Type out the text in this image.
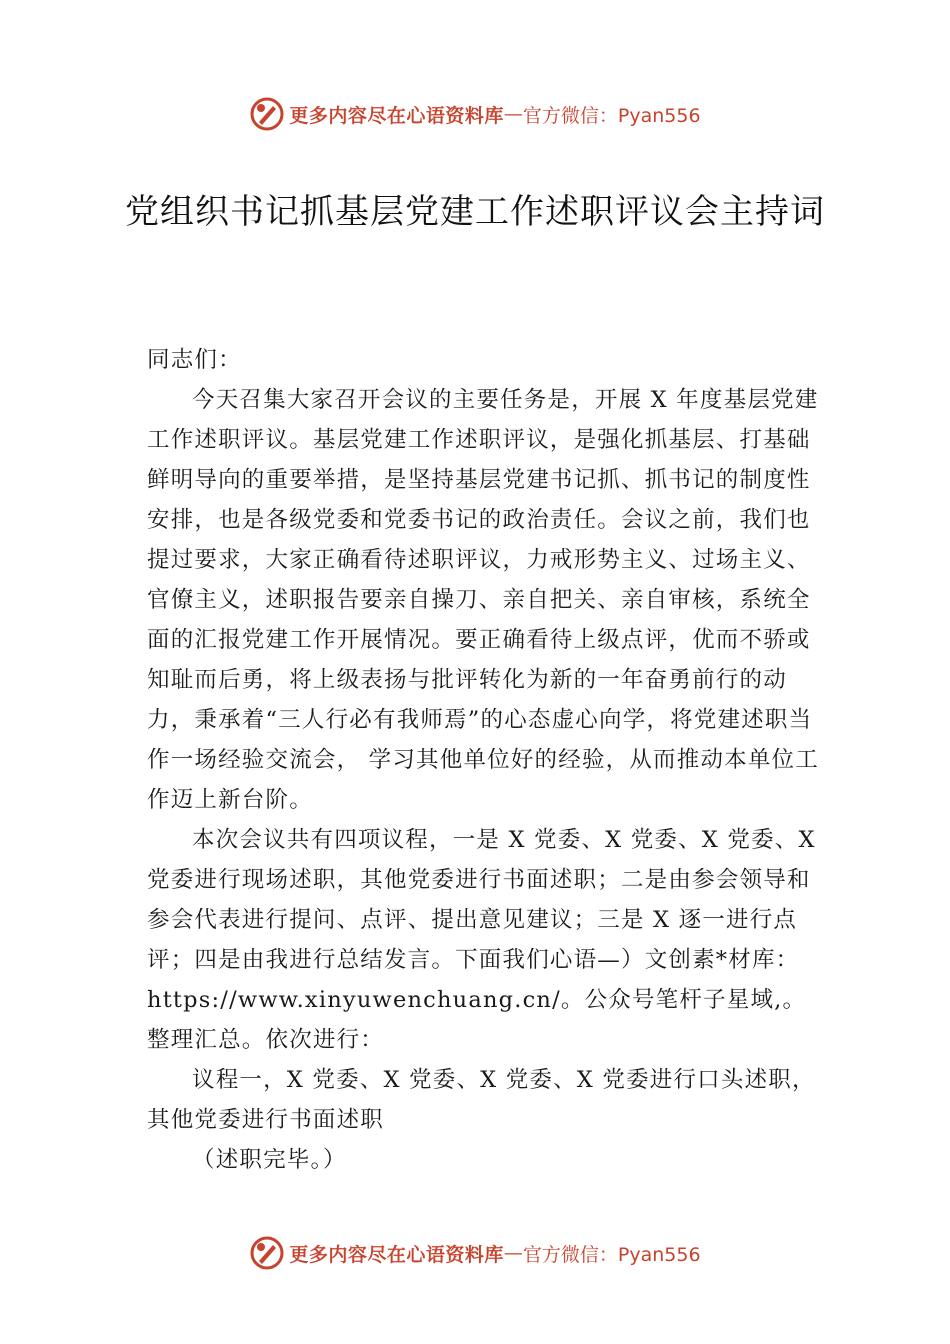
更多内容尽在心语资料库 — 官方微信：Pyan556
党组织书记抓基层党建工作述职评议会主持词

同志们：

今天召集大家召开会议的主要任务是，开展 X 年度基层党建工作述职评议。基层党建工作述职评议，是强化抓基层、打基础鲜明导向的重要举措，是坚持基层党建书记抓、抓书记的制度性安排，也是各级党委和党委书记的政治责任。会议之前，我们也提过要求，大家正确看待述职评议，力戒形势主义、过场主义、官僚主义，述职报告要亲自操刀、亲自把关、亲自审核，系统全面的汇报党建工作开展情况。要正确看待上级点评，优而不骄或知耻而后勇，将上级表扬与批评转化为新的一年奋勇前行的动力，秉承着“三人行必有我师焉”的心态虚心向学，将党建述职当作一场经验交流会， 学习其他单位好的经验，从而推动本单位工作迈上新台阶。

本次会议共有四项议程，一是 X 党委、X 党委、X 党委、X 党委进行现场述职，其他党委进行书面述职；二是由参会领导和参会代表进行提问、点评、提出意见建议；三是 X 逐一进行点评；四是由我进行总结发言。下面我们心语—）文创素*材库：https://www.xinyuwenchuang.cn/。公众号笔杆子星域,。整理汇总。依次进行：

议程一，X 党委、X 党委、X 党委、X 党委进行口头述职，其他党委进行书面述职

（述职完毕。）

更多内容尽在心语资料库 — 官方微信：Pyan556
